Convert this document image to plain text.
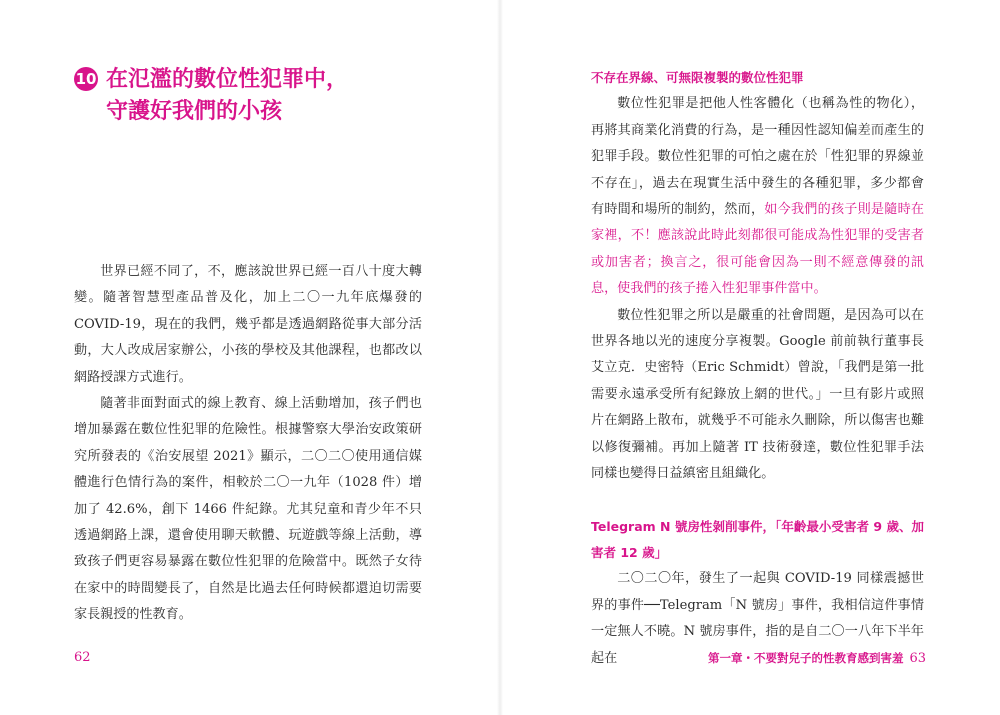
10 在氾濫的數位性犯罪中，
守護好我們的小孩

世界已經不同了，不，應該說世界已經一百八十度大轉變。隨著智慧型產品普及化，加上二〇一九年底爆發的COVID-19，現在的我們，幾乎都是透過網路從事大部分活動，大人改成居家辦公，小孩的學校及其他課程，也都改以網路授課方式進行。

隨著非面對面式的線上教育、線上活動增加，孩子們也增加暴露在數位性犯罪的危險性。根據警察大學治安政策研究所發表的《治安展望 2021》顯示，二〇二〇使用通信媒體進行色情行為的案件，相較於二〇一九年（1028 件）增加了 42.6%，創下 1466 件紀錄。尤其兒童和青少年不只透過網路上課，還會使用聊天軟體、玩遊戲等線上活動，導致孩子們更容易暴露在數位性犯罪的危險當中。既然子女待在家中的時間變長了，自然是比過去任何時候都還迫切需要家長親授的性教育。

62

不存在界線、可無限複製的數位性犯罪

數位性犯罪是把他人性客體化（也稱為性的物化），再將其商業化消費的行為，是一種因性認知偏差而產生的犯罪手段。數位性犯罪的可怕之處在於「性犯罪的界線並不存在」，過去在現實生活中發生的各種犯罪，多少都會有時間和場所的制約，然而，如今我們的孩子則是隨時在家裡，不！應該說此時此刻都很可能成為性犯罪的受害者或加害者；換言之，很可能會因為一則不經意傳發的訊息，使我們的孩子捲入性犯罪事件當中。

數位性犯罪之所以是嚴重的社會問題，是因為可以在世界各地以光的速度分享複製。Google 前前執行董事長艾立克．史密特（Eric Schmidt）曾說，「我們是第一批需要永遠承受所有紀錄放上網的世代。」一旦有影片或照片在網路上散布，就幾乎不可能永久刪除，所以傷害也難以修復彌補。再加上隨著 IT 技術發達，數位性犯罪手法同樣也變得日益縝密且組織化。

Telegram N 號房性剝削事件，「年齡最小受害者 9 歲、加害者 12 歲」

二〇二〇年，發生了一起與 COVID-19 同樣震撼世界的事件──Telegram「N 號房」事件，我相信這件事情一定無人不曉。N 號房事件，指的是自二〇一八年下半年起在	第一章・不要對兒子的性教育感到害羞 63
